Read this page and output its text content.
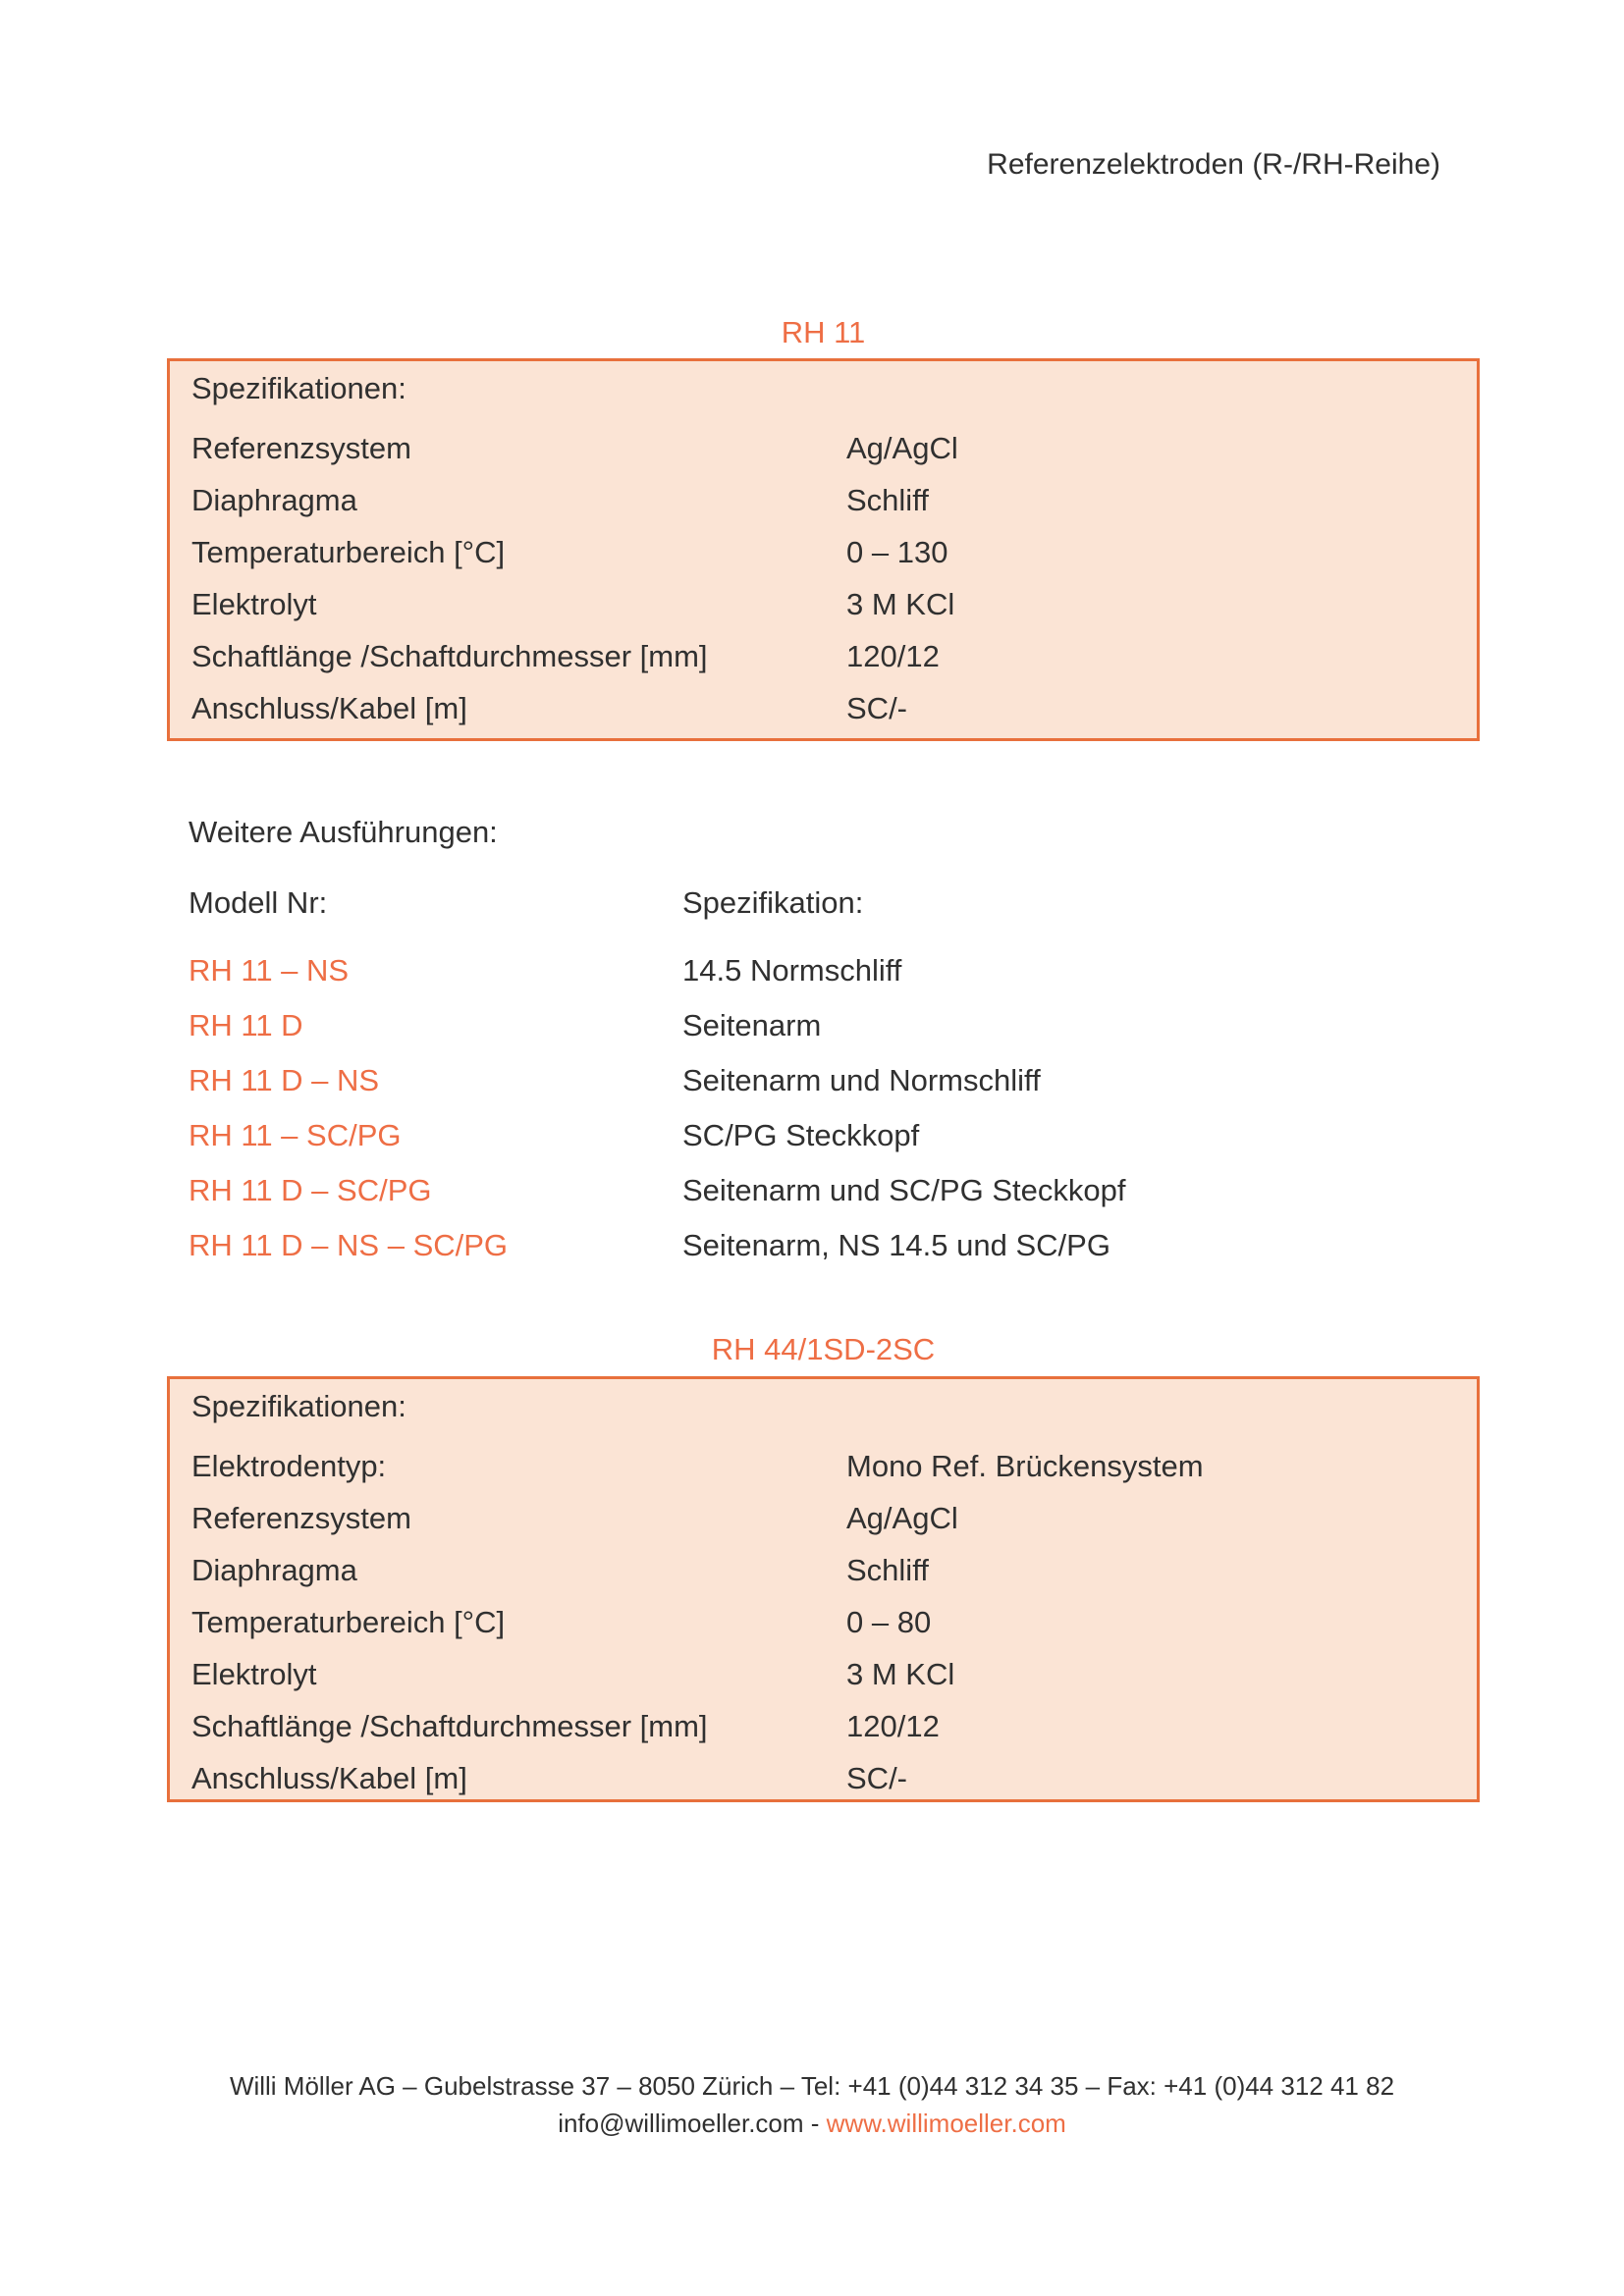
Referenzelektroden (R-/RH-Reihe)
RH 11
Spezifikationen:
Referenzsystem	Ag/AgCl
Diaphragma	Schliff
Temperaturbereich [°C]	0 – 130
Elektrolyt	3 M KCl
Schaftlänge /Schaftdurchmesser [mm]	120/12
Anschluss/Kabel [m]	SC/-
Weitere Ausführungen:
Modell Nr:	Spezifikation:
RH 11 – NS	14.5 Normschliff
RH 11 D	Seitenarm
RH 11 D – NS	Seitenarm und Normschliff
RH 11 – SC/PG	SC/PG Steckkopf
RH 11 D – SC/PG	Seitenarm und SC/PG Steckkopf
RH 11 D – NS – SC/PG	Seitenarm, NS 14.5 und SC/PG
RH 44/1SD-2SC
Spezifikationen:
Elektrodentyp:	Mono Ref. Brückensystem
Referenzsystem	Ag/AgCl
Diaphragma	Schliff
Temperaturbereich [°C]	0 – 80
Elektrolyt	3 M KCl
Schaftlänge /Schaftdurchmesser [mm]	120/12
Anschluss/Kabel [m]	SC/-
Willi Möller AG – Gubelstrasse 37 – 8050 Zürich – Tel: +41 (0)44 312 34 35 – Fax: +41 (0)44 312 41 82
info@willimoeller.com - www.willimoeller.com
